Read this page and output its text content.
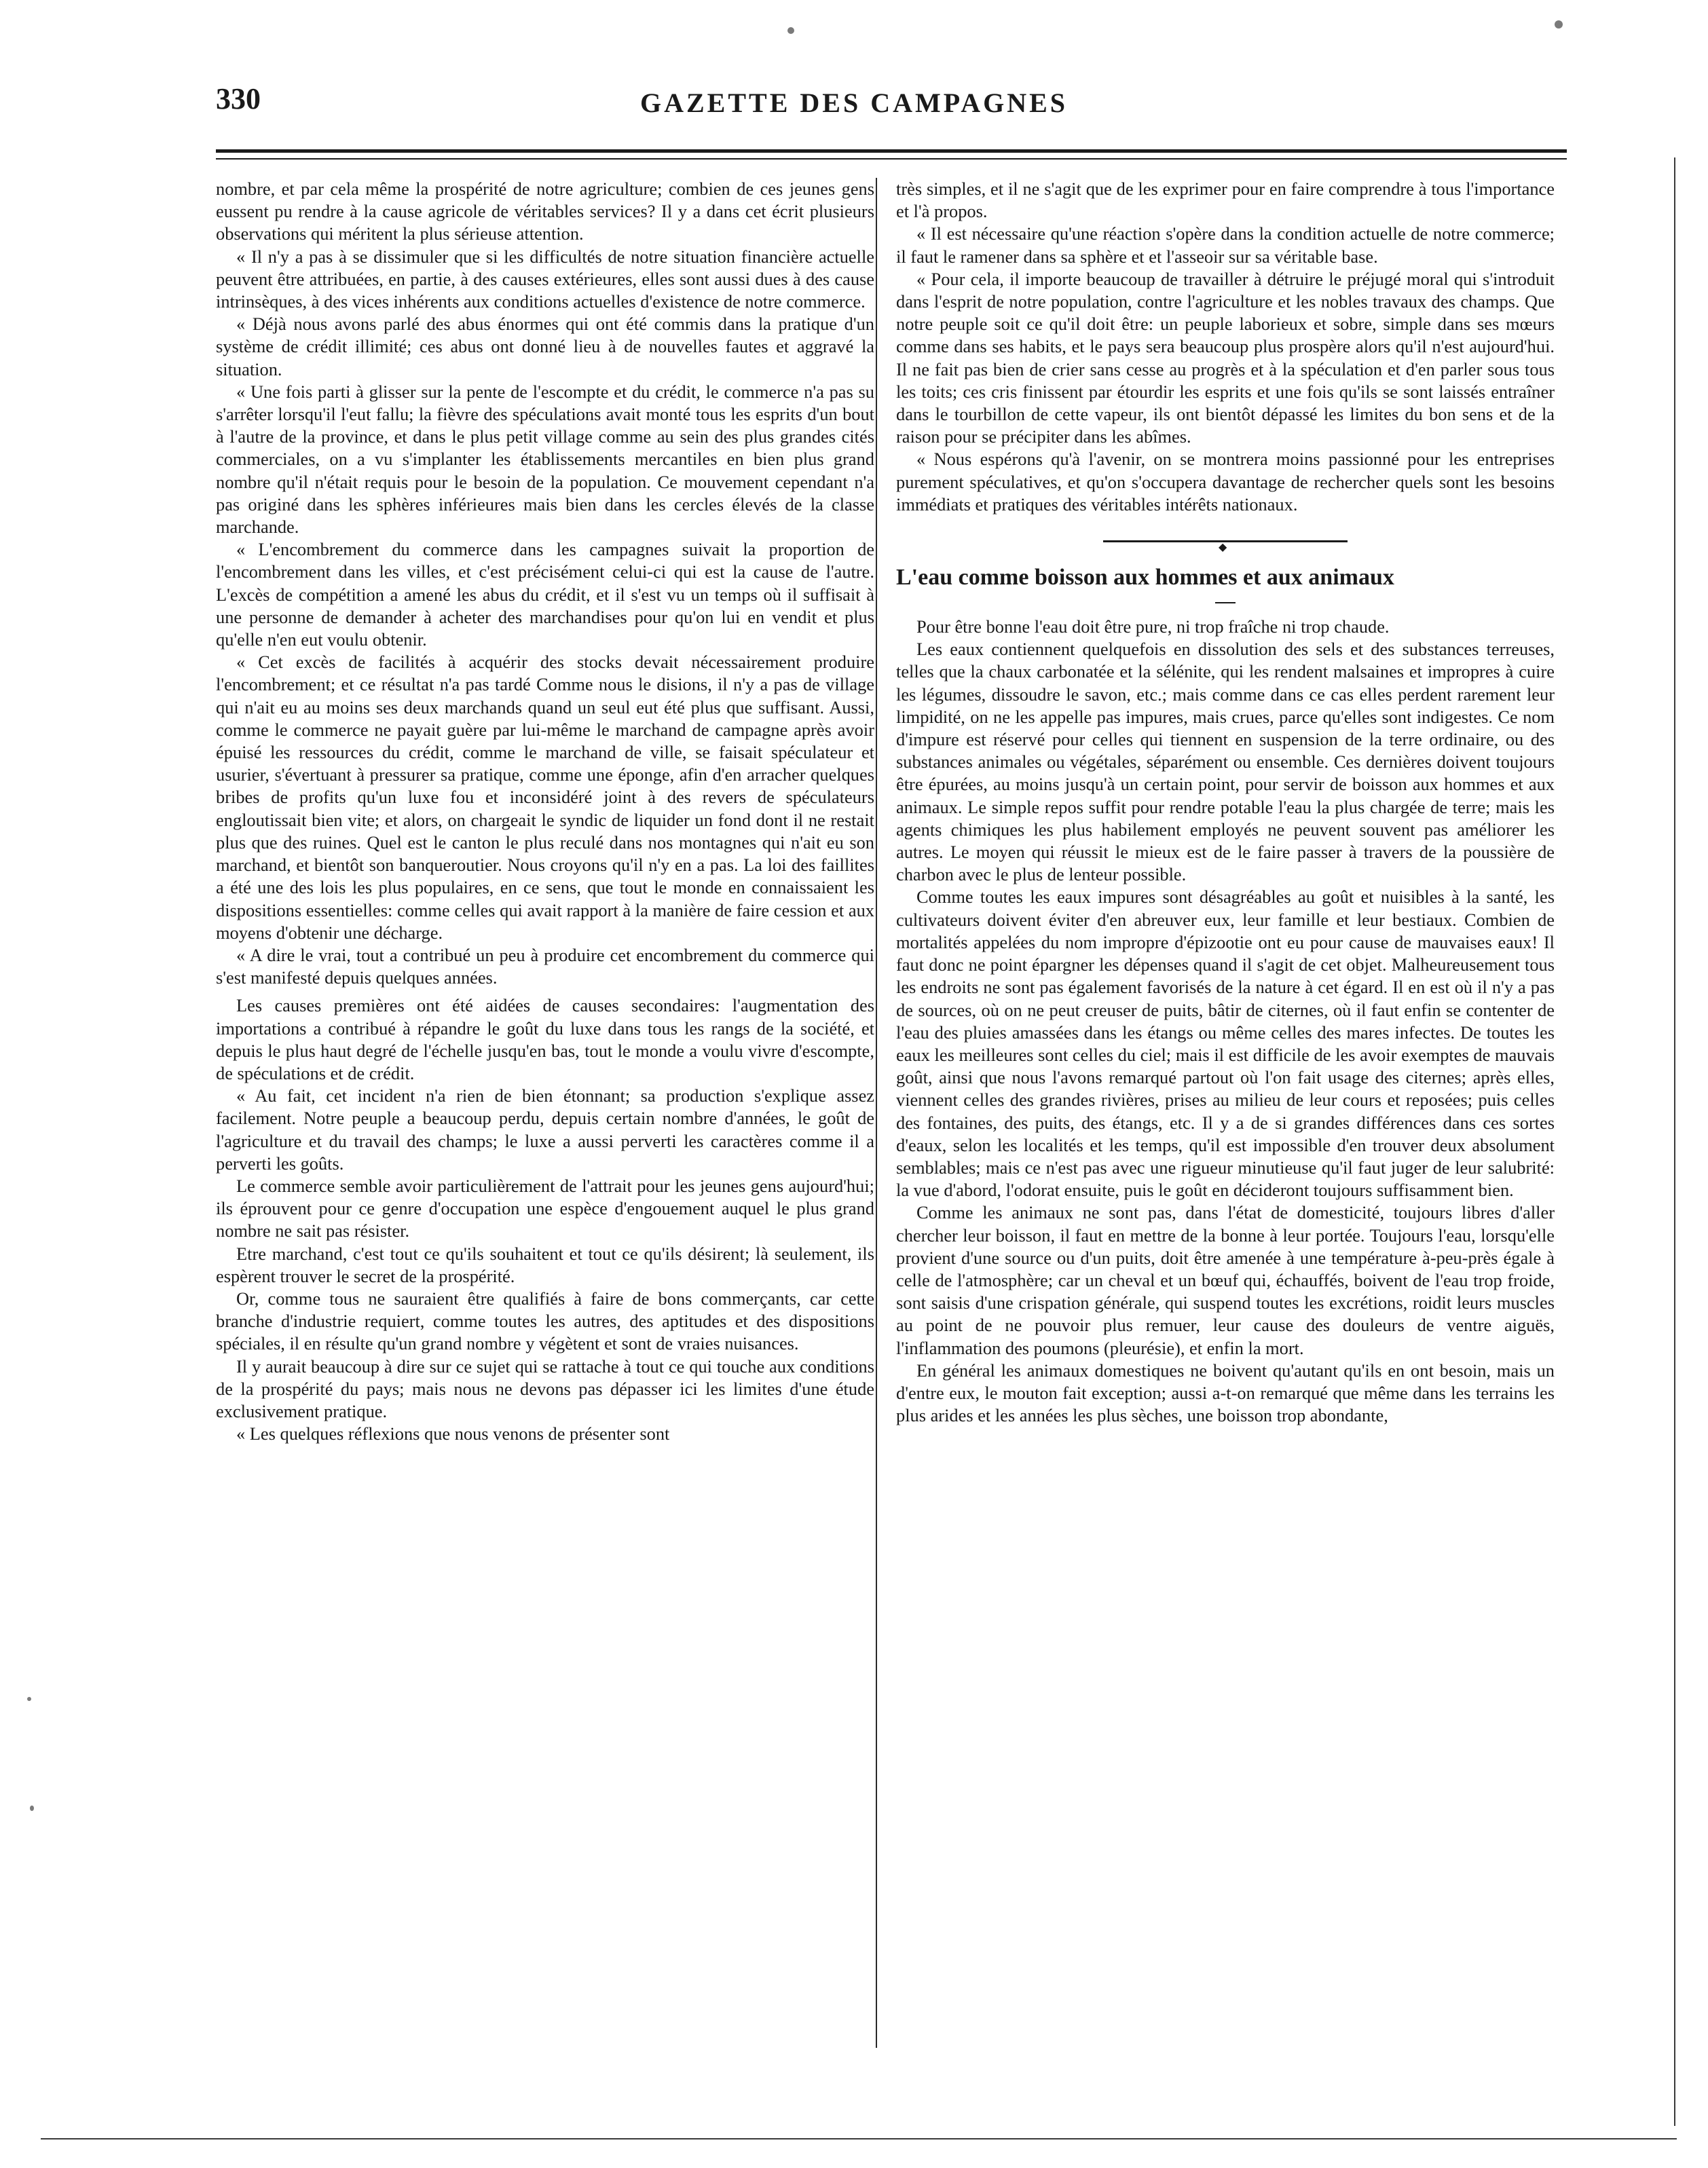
330	GAZETTE DES CAMPAGNES

nombre, et par cela même la prospérité de notre agriculture; combien de ces jeunes gens eussent pu rendre à la cause agricole de véritables services? Il y a dans cet écrit plusieurs observations qui méritent la plus sérieuse attention.

« Il n'y a pas à se dissimuler que si les difficultés de notre situation financière actuelle peuvent être attribuées, en partie, à des causes extérieures, elles sont aussi dues à des cause intrinsèques, à des vices inhérents aux conditions actuelles d'existence de notre commerce.

« Déjà nous avons parlé des abus énormes qui ont été commis dans la pratique d'un système de crédit illimité; ces abus ont donné lieu à de nouvelles fautes et aggravé la situation.

« Une fois parti à glisser sur la pente de l'escompte et du crédit, le commerce n'a pas su s'arrêter lorsqu'il l'eut fallu; la fièvre des spéculations avait monté tous les esprits d'un bout à l'autre de la province, et dans le plus petit village comme au sein des plus grandes cités commerciales, on a vu s'implanter les établissements mercantiles en bien plus grand nombre qu'il n'était requis pour le besoin de la population. Ce mouvement cependant n'a pas originé dans les sphères inférieures mais bien dans les cercles élevés de la classe marchande.

« L'encombrement du commerce dans les campagnes suivait la proportion de l'encombrement dans les villes, et c'est précisément celui-ci qui est la cause de l'autre. L'excès de compétition a amené les abus du crédit, et il s'est vu un temps où il suffisait à une personne de demander à acheter des marchandises pour qu'on lui en vendit et plus qu'elle n'en eut voulu obtenir.

« Cet excès de facilités à acquérir des stocks devait nécessairement produire l'encombrement; et ce résultat n'a pas tardé Comme nous le disions, il n'y a pas de village qui n'ait eu au moins ses deux marchands quand un seul eut été plus que suffisant. Aussi, comme le commerce ne payait guère par lui-même le marchand de campagne après avoir épuisé les ressources du crédit, comme le marchand de ville, se faisait spéculateur et usurier, s'évertuant à pressurer sa pratique, comme une éponge, afin d'en arracher quelques bribes de profits qu'un luxe fou et inconsidéré joint à des revers de spéculateurs engloutissait bien vite; et alors, on chargeait le syndic de liquider un fond dont il ne restait plus que des ruines. Quel est le canton le plus reculé dans nos montagnes qui n'ait eu son marchand, et bientôt son banqueroutier. Nous croyons qu'il n'y en a pas. La loi des faillites a été une des lois les plus populaires, en ce sens, que tout le monde en connaissaient les dispositions essentielles: comme celles qui avait rapport à la manière de faire cession et aux moyens d'obtenir une décharge.

« A dire le vrai, tout a contribué un peu à produire cet encombrement du commerce qui s'est manifesté depuis quelques années.

Les causes premières ont été aidées de causes secondaires: l'augmentation des importations a contribué à répandre le goût du luxe dans tous les rangs de la société, et depuis le plus haut degré de l'échelle jusqu'en bas, tout le monde a voulu vivre d'escompte, de spéculations et de crédit.

« Au fait, cet incident n'a rien de bien étonnant; sa production s'explique assez facilement. Notre peuple a beaucoup perdu, depuis certain nombre d'années, le goût de l'agriculture et du travail des champs; le luxe a aussi perverti les caractères comme il a perverti les goûts.

Le commerce semble avoir particulièrement de l'attrait pour les jeunes gens aujourd'hui; ils éprouvent pour ce genre d'occupation une espèce d'engouement auquel le plus grand nombre ne sait pas résister.

Etre marchand, c'est tout ce qu'ils souhaitent et tout ce qu'ils désirent; là seulement, ils espèrent trouver le secret de la prospérité.

Or, comme tous ne sauraient être qualifiés à faire de bons commerçants, car cette branche d'industrie requiert, comme toutes les autres, des aptitudes et des dispositions spéciales, il en résulte qu'un grand nombre y végètent et sont de vraies nuisances.

Il y aurait beaucoup à dire sur ce sujet qui se rattache à tout ce qui touche aux conditions de la prospérité du pays; mais nous ne devons pas dépasser ici les limites d'une étude exclusivement pratique.

« Les quelques réflexions que nous venons de présenter sont

très simples, et il ne s'agit que de les exprimer pour en faire comprendre à tous l'importance et l'à propos.

« Il est nécessaire qu'une réaction s'opère dans la condition actuelle de notre commerce; il faut le ramener dans sa sphère et et l'asseoir sur sa véritable base.

« Pour cela, il importe beaucoup de travailler à détruire le préjugé moral qui s'introduit dans l'esprit de notre population, contre l'agriculture et les nobles travaux des champs. Que notre peuple soit ce qu'il doit être: un peuple laborieux et sobre, simple dans ses mœurs comme dans ses habits, et le pays sera beaucoup plus prospère alors qu'il n'est aujourd'hui. Il ne fait pas bien de crier sans cesse au progrès et à la spéculation et d'en parler sous tous les toits; ces cris finissent par étourdir les esprits et une fois qu'ils se sont laissés entraîner dans le tourbillon de cette vapeur, ils ont bientôt dépassé les limites du bon sens et de la raison pour se précipiter dans les abîmes.

« Nous espérons qu'à l'avenir, on se montrera moins passionné pour les entreprises purement spéculatives, et qu'on s'occupera davantage de rechercher quels sont les besoins immédiats et pratiques des véritables intérêts nationaux.

◆
L'eau comme boisson aux hommes et aux animaux

Pour être bonne l'eau doit être pure, ni trop fraîche ni trop chaude.

Les eaux contiennent quelquefois en dissolution des sels et des substances terreuses, telles que la chaux carbonatée et la sélénite, qui les rendent malsaines et impropres à cuire les légumes, dissoudre le savon, etc.; mais comme dans ce cas elles perdent rarement leur limpidité, on ne les appelle pas impures, mais crues, parce qu'elles sont indigestes. Ce nom d'impure est réservé pour celles qui tiennent en suspension de la terre ordinaire, ou des substances animales ou végétales, séparément ou ensemble. Ces dernières doivent toujours être épurées, au moins jusqu'à un certain point, pour servir de boisson aux hommes et aux animaux. Le simple repos suffit pour rendre potable l'eau la plus chargée de terre; mais les agents chimiques les plus habilement employés ne peuvent souvent pas améliorer les autres. Le moyen qui réussit le mieux est de le faire passer à travers de la poussière de charbon avec le plus de lenteur possible.

Comme toutes les eaux impures sont désagréables au goût et nuisibles à la santé, les cultivateurs doivent éviter d'en abreuver eux, leur famille et leur bestiaux. Combien de mortalités appelées du nom impropre d'épizootie ont eu pour cause de mauvaises eaux! Il faut donc ne point épargner les dépenses quand il s'agit de cet objet. Malheureusement tous les endroits ne sont pas également favorisés de la nature à cet égard. Il en est où il n'y a pas de sources, où on ne peut creuser de puits, bâtir de citernes, où il faut enfin se contenter de l'eau des pluies amassées dans les étangs ou même celles des mares infectes. De toutes les eaux les meilleures sont celles du ciel; mais il est difficile de les avoir exemptes de mauvais goût, ainsi que nous l'avons remarqué partout où l'on fait usage des citernes; après elles, viennent celles des grandes rivières, prises au milieu de leur cours et reposées; puis celles des fontaines, des puits, des étangs, etc. Il y a de si grandes différences dans ces sortes d'eaux, selon les localités et les temps, qu'il est impossible d'en trouver deux absolument semblables; mais ce n'est pas avec une rigueur minutieuse qu'il faut juger de leur salubrité: la vue d'abord, l'odorat ensuite, puis le goût en décideront toujours suffisamment bien.

Comme les animaux ne sont pas, dans l'état de domesticité, toujours libres d'aller chercher leur boisson, il faut en mettre de la bonne à leur portée. Toujours l'eau, lorsqu'elle provient d'une source ou d'un puits, doit être amenée à une température à-peu-près égale à celle de l'atmosphère; car un cheval et un bœuf qui, échauffés, boivent de l'eau trop froide, sont saisis d'une crispation générale, qui suspend toutes les excrétions, roidit leurs muscles au point de ne pouvoir plus remuer, leur cause des douleurs de ventre aiguës, l'inflammation des poumons (pleurésie), et enfin la mort.

En général les animaux domestiques ne boivent qu'autant qu'ils en ont besoin, mais un d'entre eux, le mouton fait exception; aussi a-t-on remarqué que même dans les terrains les plus arides et les années les plus sèches, une boisson trop abondante,
